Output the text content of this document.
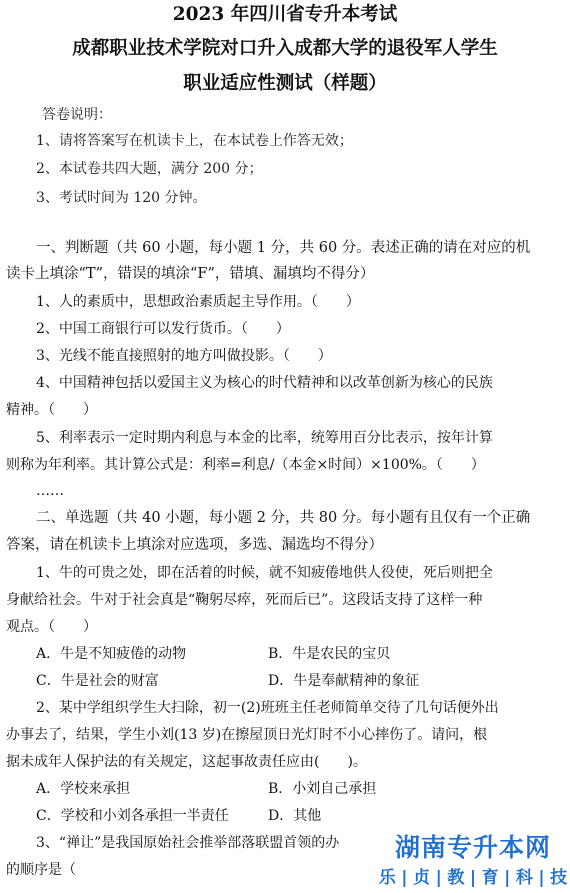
2023 年四川省专升本考试
成都职业技术学院对口升入成都大学的退役军人学生
职业适应性测试（样题）
答卷说明：
1、请将答案写在机读卡上，在本试卷上作答无效；
2、本试卷共四大题，满分 200 分；
3、考试时间为 120 分钟。
一、判断题（共 60 小题，每小题 1 分，共 60 分。表述正确的请在对应的机
读卡上填涂“T”，错误的填涂“F”，错填、漏填均不得分）
1、人的素质中，思想政治素质起主导作用。（　　）
2、中国工商银行可以发行货币。（　　）
3、光线不能直接照射的地方叫做投影。（　　）
4、中国精神包括以爱国主义为核心的时代精神和以改革创新为核心的民族
精神。（　　）
5、利率表示一定时期内利息与本金的比率，统筹用百分比表示，按年计算
则称为年利率。其计算公式是：利率=利息/（本金×时间）×100%。（　　）
……
二、单选题（共 40 小题，每小题 2 分，共 80 分。每小题有且仅有一个正确
答案，请在机读卡上填涂对应选项，多选、漏选均不得分）
1、牛的可贵之处，即在活着的时候，就不知疲倦地供人役使，死后则把全
身献给社会。牛对于社会真是“鞠躬尽瘁，死而后已”。这段话支持了这样一种
观点。（　　）
A．牛是不知疲倦的动物	B．牛是农民的宝贝
C．牛是社会的财富	D．牛是奉献精神的象征
2、某中学组织学生大扫除，初一(2)班班主任老师简单交待了几句话便外出
办事去了，结果，学生小刘(13 岁)在擦屋顶日光灯时不小心摔伤了。请问，根
据未成年人保护法的有关规定，这起事故责任应由(　　)。
A．学校来承担	B．小刘自己承担
C．学校和小刘各承担一半责任	D．其他
3、“禅让”是我国原始社会推举部落联盟首领的办
的顺序是（　　
湖南专升本网
乐 | 贞 | 教 | 育 | 科 | 技
